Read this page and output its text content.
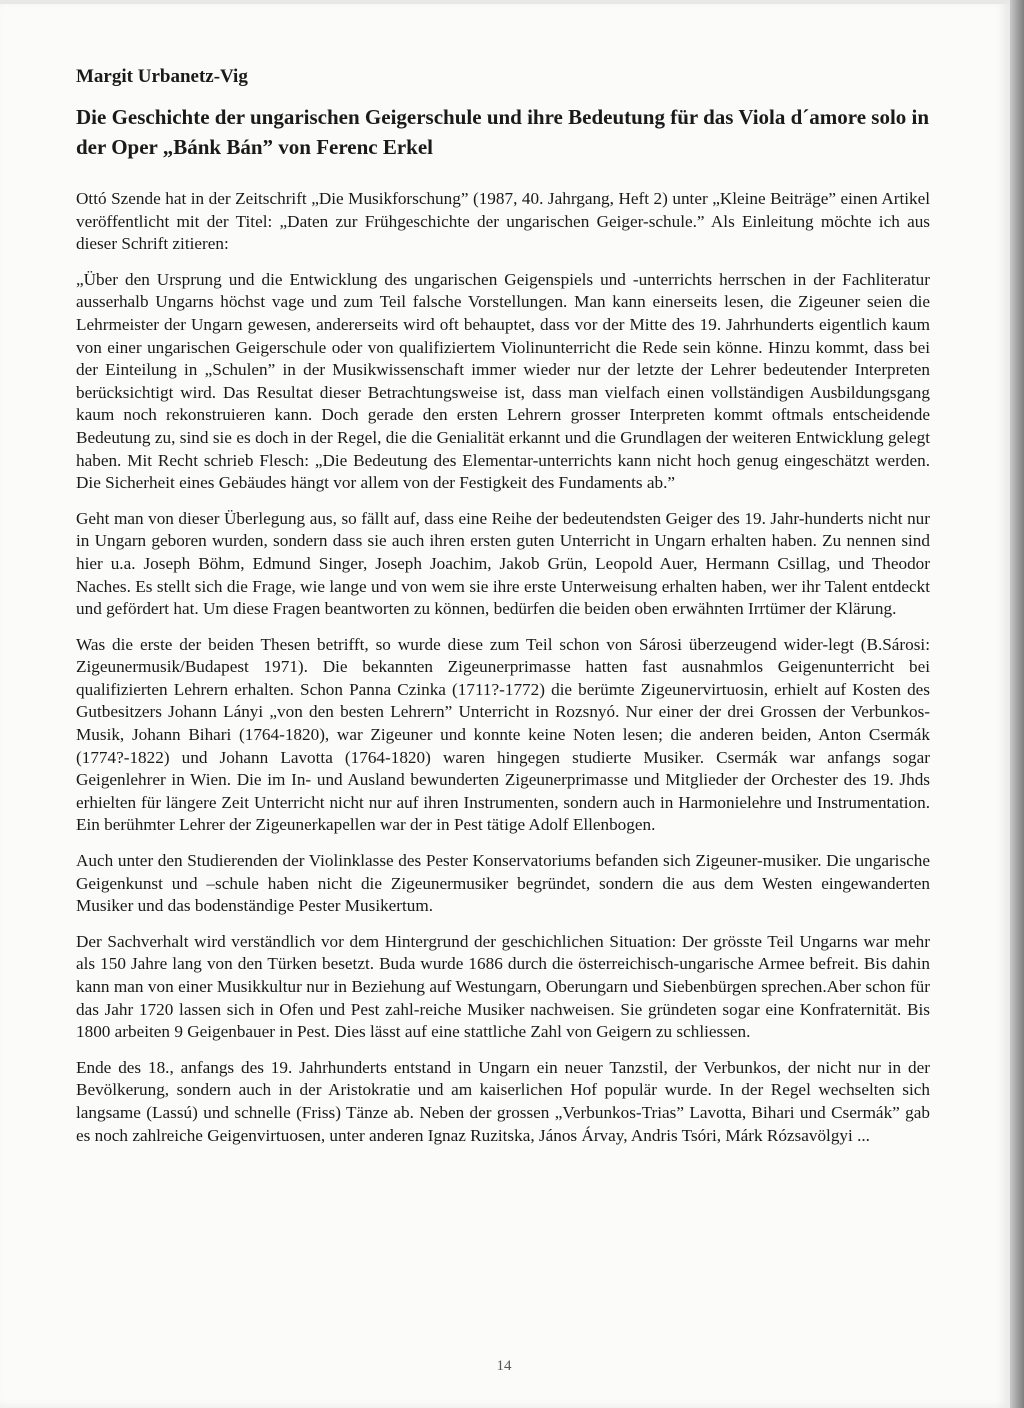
Margit Urbanetz-Vig
Die Geschichte der ungarischen Geigerschule und ihre Bedeutung für das Viola d´amore solo in der Oper „Bánk Bán” von Ferenc Erkel

Ottó Szende hat in der Zeitschrift „Die Musikforschung” (1987, 40. Jahrgang, Heft 2) unter „Kleine Beiträge” einen Artikel veröffentlicht mit der Titel: „Daten zur Frühgeschichte der ungarischen Geiger-schule.” Als Einleitung möchte ich aus dieser Schrift zitieren:

„Über den Ursprung und die Entwicklung des ungarischen Geigenspiels und -unterrichts herrschen in der Fachliteratur ausserhalb Ungarns höchst vage und zum Teil falsche Vorstellungen. Man kann einerseits lesen, die Zigeuner seien die Lehrmeister der Ungarn gewesen, andererseits wird oft behauptet, dass vor der Mitte des 19. Jahrhunderts eigentlich kaum von einer ungarischen Geigerschule oder von qualifiziertem Violinunterricht die Rede sein könne. Hinzu kommt, dass bei der Einteilung in „Schulen” in der Musikwissenschaft immer wieder nur der letzte der Lehrer bedeutender Interpreten berücksichtigt wird. Das Resultat dieser Betrachtungsweise ist, dass man vielfach einen vollständigen Ausbildungsgang kaum noch rekonstruieren kann. Doch gerade den ersten Lehrern grosser Interpreten kommt oftmals entscheidende Bedeutung zu, sind sie es doch in der Regel, die die Genialität erkannt und die Grundlagen der weiteren Entwicklung gelegt haben. Mit Recht schrieb Flesch: „Die Bedeutung des Elementar-unterrichts kann nicht hoch genug eingeschätzt werden. Die Sicherheit eines Gebäudes hängt vor allem von der Festigkeit des Fundaments ab.”

Geht man von dieser Überlegung aus, so fällt auf, dass eine Reihe der bedeutendsten Geiger des 19. Jahr-hunderts nicht nur in Ungarn geboren wurden, sondern dass sie auch ihren ersten guten Unterricht in Ungarn erhalten haben. Zu nennen sind hier u.a. Joseph Böhm, Edmund Singer, Joseph Joachim, Jakob Grün, Leopold Auer, Hermann Csillag, und Theodor Naches. Es stellt sich die Frage, wie lange und von wem sie ihre erste Unterweisung erhalten haben, wer ihr Talent entdeckt und gefördert hat. Um diese Fragen beantworten zu können, bedürfen die beiden oben erwähnten Irrtümer der Klärung.

Was die erste der beiden Thesen betrifft, so wurde diese zum Teil schon von Sárosi überzeugend wider-legt (B.Sárosi: Zigeunermusik/Budapest 1971). Die bekannten Zigeunerprimasse hatten fast ausnahmlos Geigenunterricht bei qualifizierten Lehrern erhalten. Schon Panna Czinka (1711?-1772) die berümte Zigeunervirtuosin, erhielt auf Kosten des Gutbesitzers Johann Lányi „von den besten Lehrern” Unterricht in Rozsnyó. Nur einer der drei Grossen der Verbunkos-Musik, Johann Bihari (1764-1820), war Zigeuner und konnte keine Noten lesen; die anderen beiden, Anton Csermák (1774?-1822) und Johann Lavotta (1764-1820) waren hingegen studierte Musiker. Csermák war anfangs sogar Geigenlehrer in Wien. Die im In- und Ausland bewunderten Zigeunerprimasse und Mitglieder der Orchester des 19. Jhds erhielten für längere Zeit Unterricht nicht nur auf ihren Instrumenten, sondern auch in Harmonielehre und Instrumentation. Ein berühmter Lehrer der Zigeunerkapellen war der in Pest tätige Adolf Ellenbogen.

Auch unter den Studierenden der Violinklasse des Pester Konservatoriums befanden sich Zigeuner-musiker. Die ungarische Geigenkunst und –schule haben nicht die Zigeunermusiker begründet, sondern die aus dem Westen eingewanderten Musiker und das bodenständige Pester Musikertum.

Der Sachverhalt wird verständlich vor dem Hintergrund der geschichlichen Situation: Der grösste Teil Ungarns war mehr als 150 Jahre lang von den Türken besetzt. Buda wurde 1686 durch die österreichisch-ungarische Armee befreit. Bis dahin kann man von einer Musikkultur nur in Beziehung auf Westungarn, Oberungarn und Siebenbürgen sprechen.Aber schon für das Jahr 1720 lassen sich in Ofen und Pest zahl-reiche Musiker nachweisen. Sie gründeten sogar eine Konfraternität. Bis 1800 arbeiten 9 Geigenbauer in Pest. Dies lässt auf eine stattliche Zahl von Geigern zu schliessen.

Ende des 18., anfangs des 19. Jahrhunderts entstand in Ungarn ein neuer Tanzstil, der Verbunkos, der nicht nur in der Bevölkerung, sondern auch in der Aristokratie und am kaiserlichen Hof populär wurde. In der Regel wechselten sich langsame (Lassú) und schnelle (Friss) Tänze ab. Neben der grossen „Verbunkos-Trias” Lavotta, Bihari und Csermák” gab es noch zahlreiche Geigenvirtuosen, unter anderen Ignaz Ruzitska, János Árvay, Andris Tsóri, Márk Rózsavölgyi ...

14
